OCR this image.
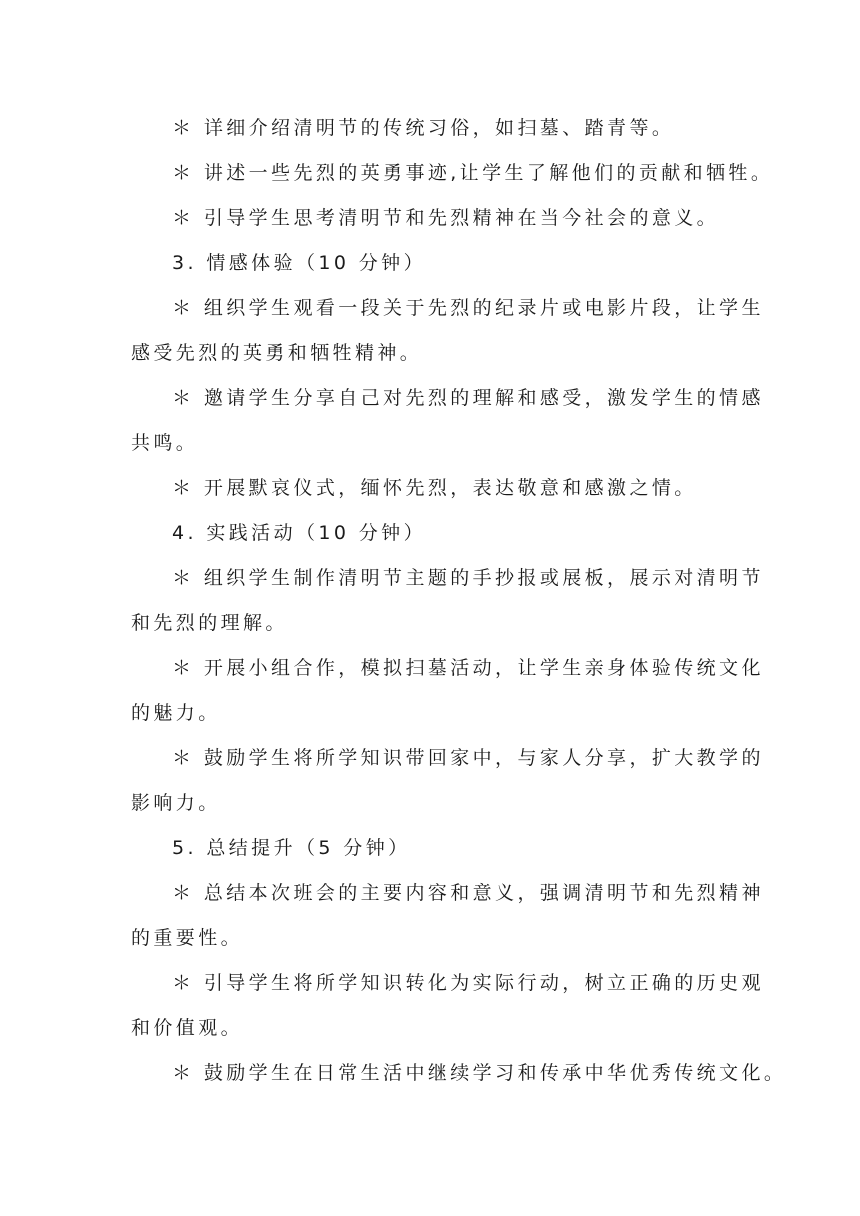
＊ 详细介绍清明节的传统习俗，如扫墓、踏青等。
＊ 讲述一些先烈的英勇事迹,让学生了解他们的贡献和牺牲。
＊ 引导学生思考清明节和先烈精神在当今社会的意义。
3. 情感体验（10 分钟）
＊ 组织学生观看一段关于先烈的纪录片或电影片段，让学生
感受先烈的英勇和牺牲精神。
＊ 邀请学生分享自己对先烈的理解和感受，激发学生的情感
共鸣。
＊ 开展默哀仪式，缅怀先烈，表达敬意和感激之情。
4. 实践活动（10 分钟）
＊ 组织学生制作清明节主题的手抄报或展板，展示对清明节
和先烈的理解。
＊ 开展小组合作，模拟扫墓活动，让学生亲身体验传统文化
的魅力。
＊ 鼓励学生将所学知识带回家中，与家人分享，扩大教学的
影响力。
5. 总结提升（5 分钟）
＊ 总结本次班会的主要内容和意义，强调清明节和先烈精神
的重要性。
＊ 引导学生将所学知识转化为实际行动，树立正确的历史观
和价值观。
＊ 鼓励学生在日常生活中继续学习和传承中华优秀传统文化。
